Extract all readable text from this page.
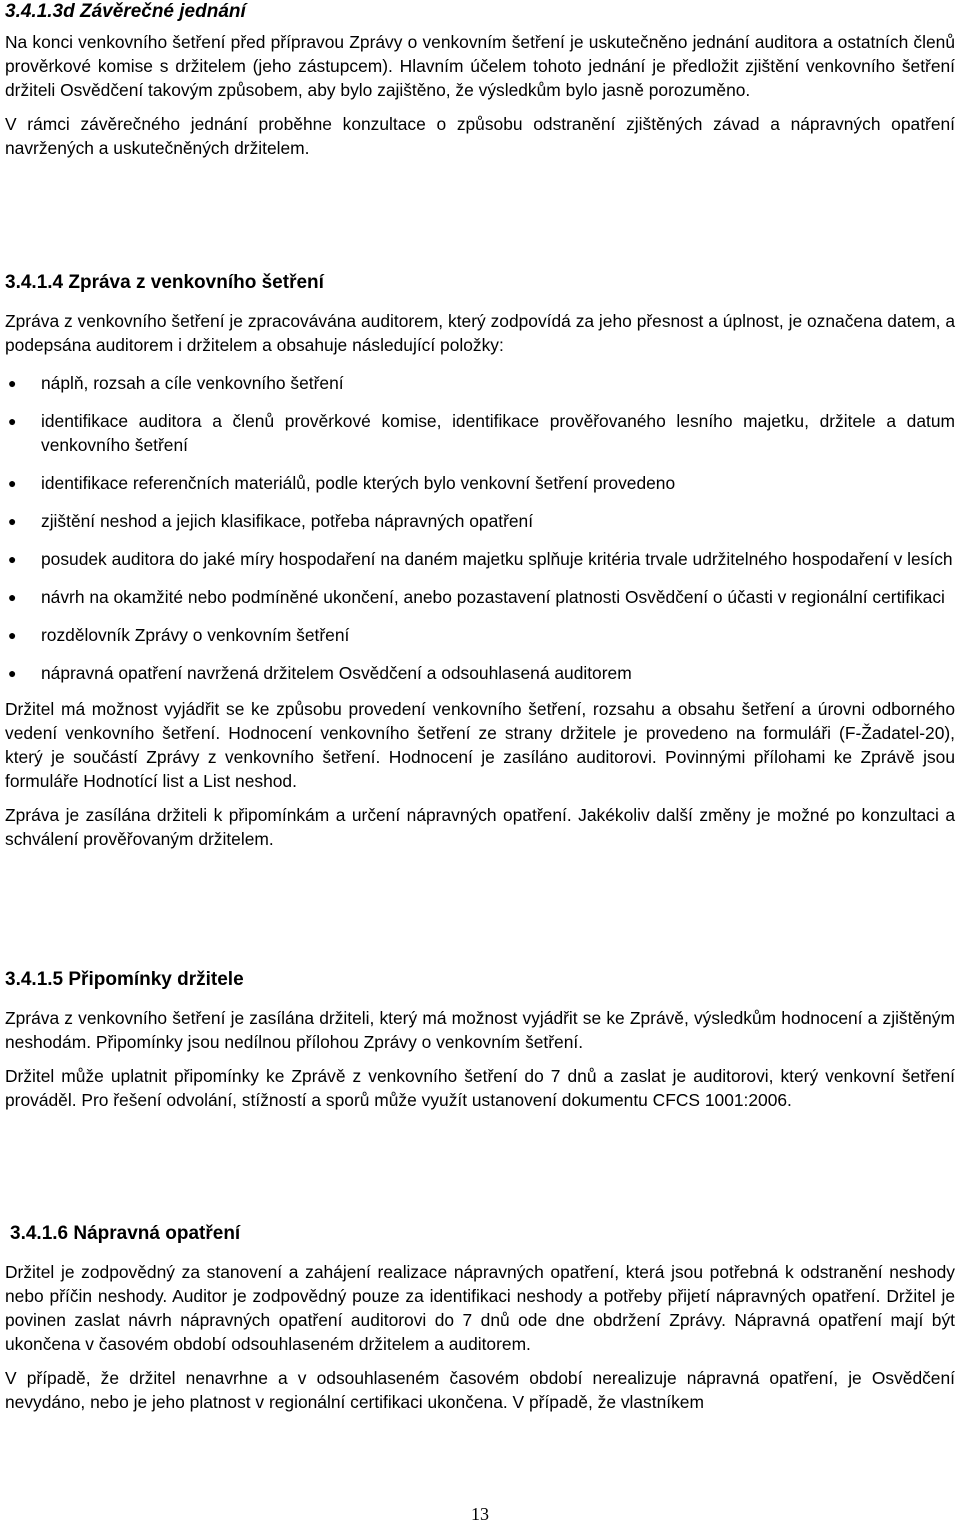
3.4.1.3d Závěrečné jednání

Na konci venkovního šetření před přípravou Zprávy o venkovním šetření je uskutečněno jednání auditora a ostatních členů prověrkové komise s držitelem (jeho zástupcem). Hlavním účelem tohoto jednání je předložit zjištění venkovního šetření držiteli Osvědčení takovým způsobem, aby bylo zajištěno, že výsledkům bylo jasně porozuměno.

V rámci závěrečného jednání proběhne konzultace o způsobu odstranění zjištěných závad a nápravných opatření navržených a uskutečněných držitelem.

3.4.1.4 Zpráva z venkovního šetření

Zpráva z venkovního šetření je zpracovávána auditorem, který zodpovídá za jeho přesnost a úplnost, je označena datem, a podepsána auditorem i držitelem a obsahuje následující položky:

● náplň, rozsah a cíle venkovního šetření
● identifikace auditora a členů prověrkové komise, identifikace prověřovaného lesního majetku, držitele a datum venkovního šetření
● identifikace referenčních materiálů, podle kterých bylo venkovní šetření provedeno
● zjištění neshod a jejich klasifikace, potřeba nápravných opatření
● posudek auditora do jaké míry hospodaření na daném majetku splňuje kritéria trvale udržitelného hospodaření v lesích
● návrh na okamžité nebo podmíněné ukončení, anebo pozastavení platnosti Osvědčení o účasti v regionální certifikaci
● rozdělovník Zprávy o venkovním šetření
● nápravná opatření navržená držitelem Osvědčení a odsouhlasená auditorem

Držitel má možnost vyjádřit se ke způsobu provedení venkovního šetření, rozsahu a obsahu šetření a úrovni odborného vedení venkovního šetření. Hodnocení venkovního šetření ze strany držitele je provedeno na formuláři (F-Žadatel-20), který je součástí Zprávy z venkovního šetření. Hodnocení je zasíláno auditorovi. Povinnými přílohami ke Zprávě jsou formuláře Hodnotící list a List neshod.

Zpráva je zasílána držiteli k připomínkám a určení nápravných opatření. Jakékoliv další změny je možné po konzultaci a schválení prověřovaným držitelem.

3.4.1.5 Připomínky držitele

Zpráva z venkovního šetření je zasílána držiteli, který má možnost vyjádřit se ke Zprávě, výsledkům hodnocení a zjištěným neshodám. Připomínky jsou nedílnou přílohou Zprávy o venkovním šetření.

Držitel může uplatnit připomínky ke Zprávě z venkovního šetření do 7 dnů a zaslat je auditorovi, který venkovní šetření prováděl. Pro řešení odvolání, stížností a sporů může využít ustanovení dokumentu CFCS 1001:2006.

3.4.1.6 Nápravná opatření

Držitel je zodpovědný za stanovení a zahájení realizace nápravných opatření, která jsou potřebná k odstranění neshody nebo příčin neshody. Auditor je zodpovědný pouze za identifikaci neshody a potřeby přijetí nápravných opatření. Držitel je povinen zaslat návrh nápravných opatření auditorovi do 7 dnů ode dne obdržení Zprávy. Nápravná opatření mají být ukončena v časovém období odsouhlaseném držitelem a auditorem.

V případě, že držitel nenavrhne a v odsouhlaseném časovém období nerealizuje nápravná opatření, je Osvědčení nevydáno, nebo je jeho platnost v regionální certifikaci ukončena. V případě, že vlastníkem

13
